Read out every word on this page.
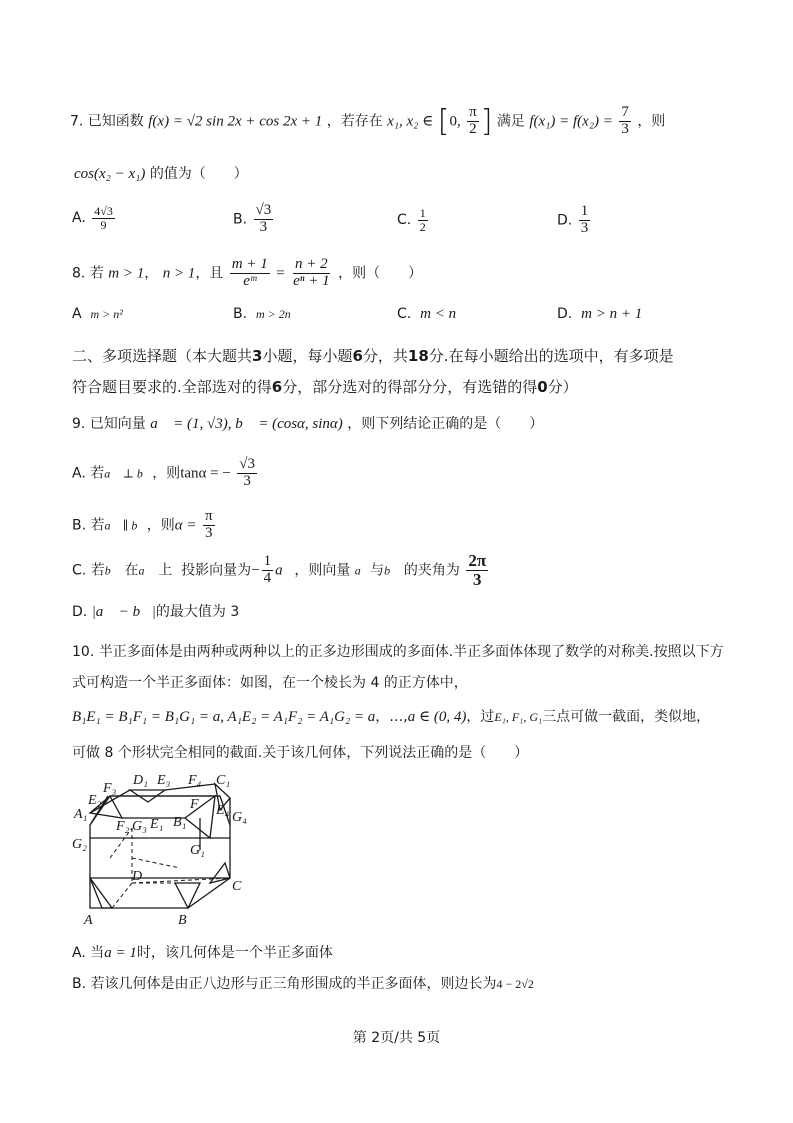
7. 已知函数 f(x) = √2 sin 2x + cos 2x + 1 ，若存在 x₁, x₂ ∈ [0, $\frac{\pi}{2}$ ] 满足 $f(x_1) = f(x_2) = \frac{7}{3}$ ，则
cos(x₂ − x₁) 的值为（　　）
A. $\frac{4√3}{9}$	B. $\frac{√3}{3}$	C. $\frac{1}{2}$	D. $\frac{1}{3}$
8. 若 m > 1， n > 1，且 $\frac{m + 1}{\text{eᵐ}} = \frac{n + 2}{\text{eⁿ + 1}}$ ，则（　　）
A m > n²	B. m > 2n	C. m < n	D. m > n + 1
二、多项选择题（本大题共3小题，每小题6分，共18分.在每小题给出的选项中，有多项是
符合题目要求的.全部选对的得6分，部分选对的得部分分，有选错的得0分）
9. 已知向量 a⃗ = (1, √3), b⃗ = (cosα, sinα) ，则下列结论正确的是（　　）
A. 若a⃗ ⊥ b⃗，则tanα = − $\frac{√3}{3}$
B. 若a⃗ ∥ b⃗，则$\alpha = \frac{\pi}{3}$
C. 若b⃗ 在a⃗ 上 投影向量为− $\frac{1}{4}$ a⃗，则向量 a⃗与b⃗ 的夹角为 $\frac{2\pi}{3}$
D. |a⃗ − b⃗|的最大值为 3
10. 半正多面体是由两种或两种以上的正多边形围成的多面体.半正多面体体现了数学的对称美.按照以下方
式可构造一个半正多面体：如图，在一个棱长为 4 的正方体中，
B₁E₁ = B₁F₁ = B₁G₁ = a, A₁E₂ = A₁F₂ = A₁G₂ = a，…,a ∈ (0, 4)，过E₁, F₁, G₁三点可做一截面，类似地，
可做 8 个形状完全相同的截面.关于该几何体，下列说法正确的是（　　）
F₃
D₁ E₃ F₄ C₁
E₂
A₁
F E₄ G₄
F₂ G₃ E₁ B₁
G₂	G₁
D
C
A	B
A. 当a = 1时，该几何体是一个半正多面体
B. 若该几何体是由正八边形与正三角形围成的半正多面体，则边长为4 − 2√2
第 2页/共 5页
